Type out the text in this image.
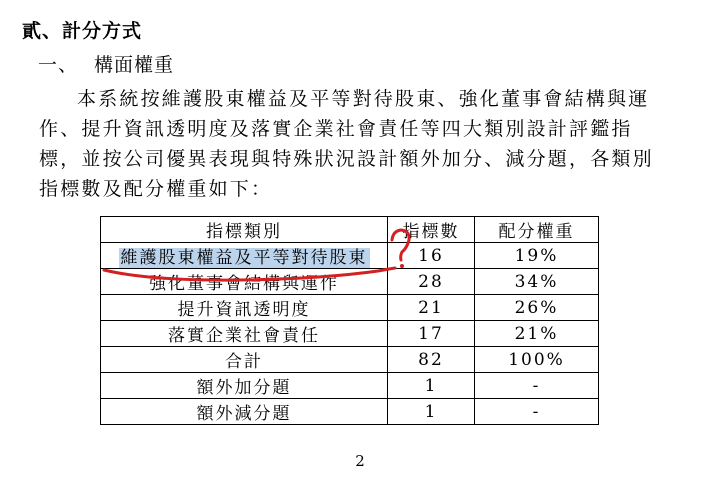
貳、計分方式
一、 構面權重
本系統按維護股東權益及平等對待股東、強化董事會結構與運
作、提升資訊透明度及落實企業社會責任等四大類別設計評鑑指
標，並按公司優異表現與特殊狀況設計額外加分、減分題，各類別
指標數及配分權重如下：
指標類別	指標數	配分權重
維護股東權益及平等對待股東	16	19%
強化董事會結構與運作	28	34%
提升資訊透明度	21	26%
落實企業社會責任	17	21%
合計	82	100%
額外加分題	1	-
額外減分題	1	-
2
